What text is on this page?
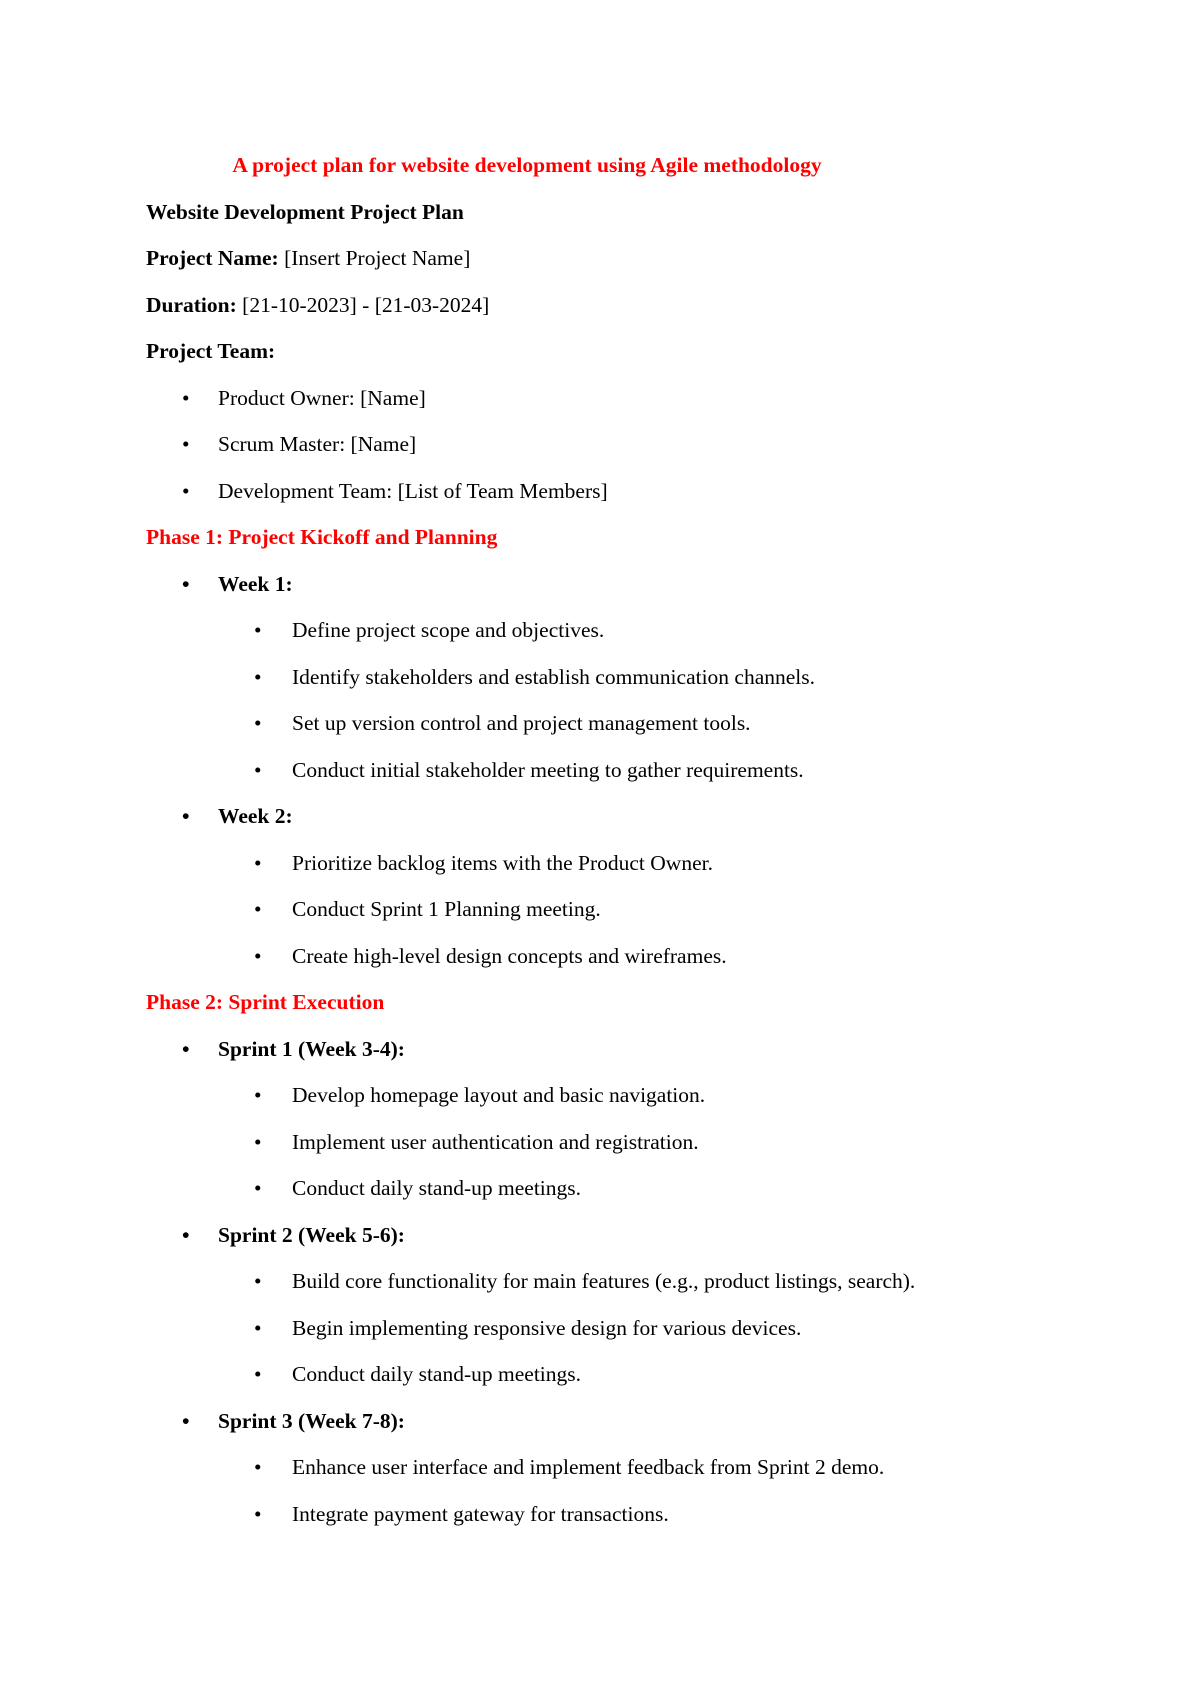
A project plan for website development using Agile methodology
Website Development Project Plan
Project Name: [Insert Project Name]
Duration: [21-10-2023] - [21-03-2024]
Project Team:
• Product Owner: [Name]
• Scrum Master: [Name]
• Development Team: [List of Team Members]
Phase 1: Project Kickoff and Planning
• Week 1:
• Define project scope and objectives.
• Identify stakeholders and establish communication channels.
• Set up version control and project management tools.
• Conduct initial stakeholder meeting to gather requirements.
• Week 2:
• Prioritize backlog items with the Product Owner.
• Conduct Sprint 1 Planning meeting.
• Create high-level design concepts and wireframes.
Phase 2: Sprint Execution
• Sprint 1 (Week 3-4):
• Develop homepage layout and basic navigation.
• Implement user authentication and registration.
• Conduct daily stand-up meetings.
• Sprint 2 (Week 5-6):
• Build core functionality for main features (e.g., product listings, search).
• Begin implementing responsive design for various devices.
• Conduct daily stand-up meetings.
• Sprint 3 (Week 7-8):
• Enhance user interface and implement feedback from Sprint 2 demo.
• Integrate payment gateway for transactions.
